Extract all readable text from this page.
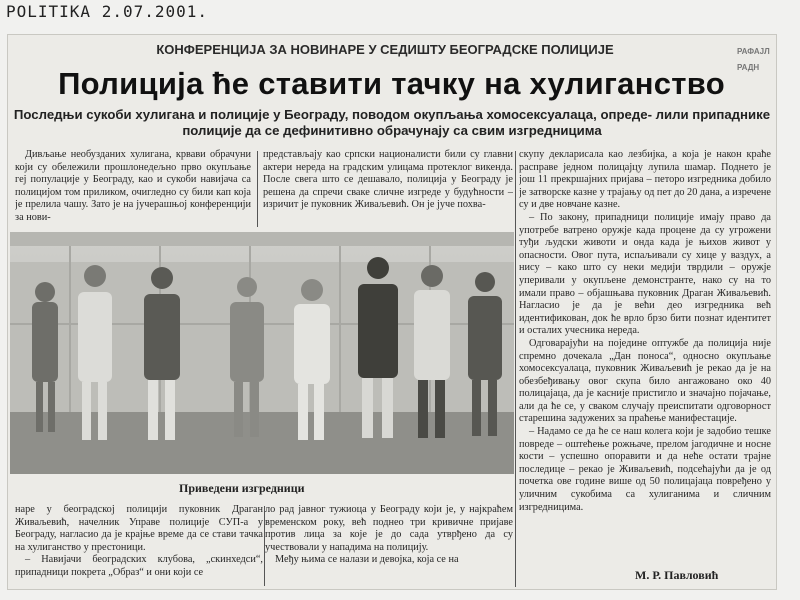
POLITIKA 2.07.2001.
КОНФЕРЕНЦИЈА ЗА НОВИНАРЕ У СЕДИШТУ БЕОГРАДСКЕ ПОЛИЦИЈЕ
Полиција ће ставити тачку на хулиганство
Последњи сукоби хулигана и полиције у Београду, поводом окупљања хомосексуалаца, опредe- лили припаднике полиције да се дефинитивно обрачунају са свим изгредницима
РАФАЈЛ
РАДН

Дивљање необузданих хулигана, крвави обрачуни који су обележили прошлонедељно прво окупљање геј популације у Београду, као и сукоби навијача са полицијом том приликом, очигледно су били кап која је прелила чашу. Зато је на јучерашњој конференцији за нови-

представљају као српски националисти били су главни актери нереда на градским улицама протеклог викенда. После свега што се дешавало, полиција у Београду је решена да спречи сваке сличне изгреде у будућности – изричит је пуковник Живаљевић. Он је јуче похва-

Приведени изгредници

наре у београдској полицији пуковник Драган Живаљевић, начелник Управе полиције СУП-а у Београду, нагласио да је крајње време да се стави тачка на хулиганство у престоници.

– Навијачи београдских клубова, „скинхедси“, припадници покрета „Образ“ и они који се

ло рад јавног тужиоца у Београду који је, у најкраћем временском року, већ поднео три кривичне пријаве против лица за које је до сада утврђено да су учествовали у нападима на полицију.

Међу њима се налази и девојка, која се на

скупу декларисала као лезбијка, а која је након краће расправе једном полицајцу лупила шамар. Поднето је још 11 прекршајних пријава – петоро изгредника добило је затворске казне у трајању од пет до 20 дана, а изречене су и две новчане казне.

– По закону, припадници полиције имају право да употребе ватрено оружје када процене да су угрожени туђи људски животи и онда када је њихов живот у опасности. Овог пута, испаљивали су хице у ваздух, а нису – како што су неки медији тврдили – оружје уперивали у окупљене демонстранте, нако су на то имали право – објашњава пуковник Драган Живаљевић. Нагласио је да је већи део изгредника већ идентификован, док ће врло брзо бити познат идентитет и осталих учесника нереда.

Одговарајући на поједине оптужбе да полиција није спремно дочекала „Дан поноса“, односно окупљање хомосексуалаца, пуковник Живаљевић је рекао да је на обезбеђивању овог скупа било ангажовано око 40 полицајаца, да је касније пристигло и значајно појачање, али да ће се, у сваком случају преиспитати одговорност старешина задужених за праћење манифестације.

– Надамо се да ће се наш колега који је задобио тешке повреде – оштећење рожњаче, прелом јагодичне и носне кости – успешно опоравити и да неће остати трајне последице – рекао је Живаљевић, подсећајући да је од почетка ове године више од 50 полицајаца повређено у уличним сукобима са хулиганима и сличним изгредницима.

М. Р. Павловић
